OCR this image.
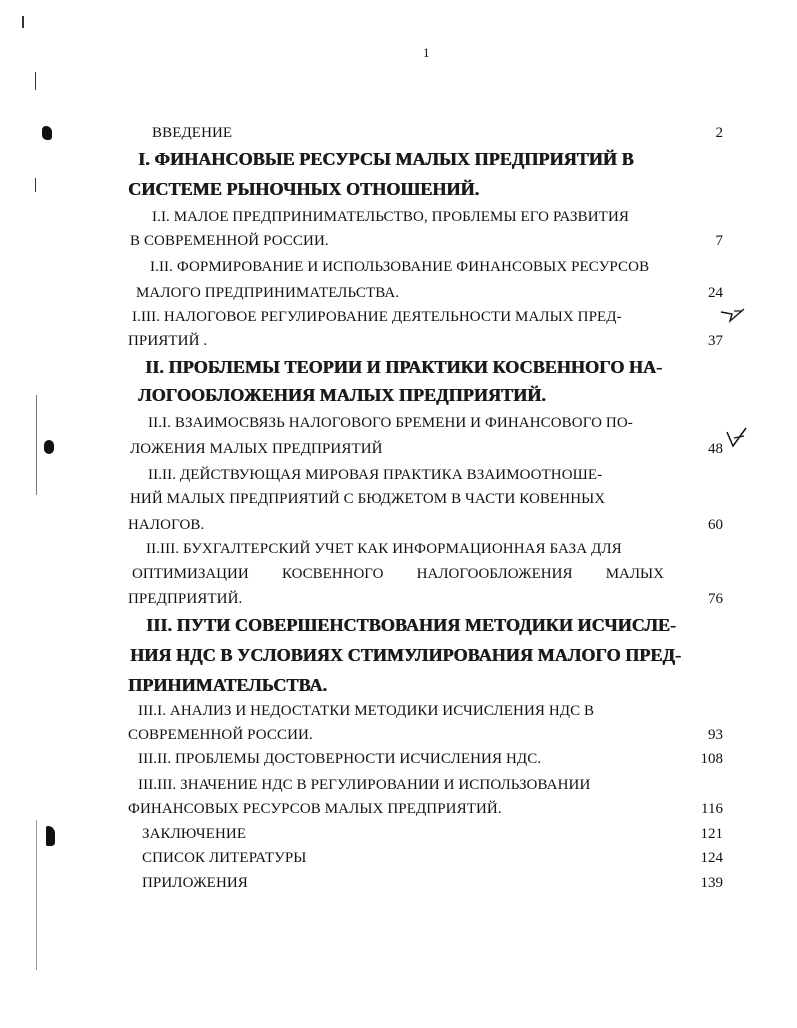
1
ВВЕДЕНИЕ	2
I. ФИНАНСОВЫЕ РЕСУРСЫ МАЛЫХ ПРЕДПРИЯТИЙ В
СИСТЕМЕ РЫНОЧНЫХ ОТНОШЕНИЙ.
I.I. МАЛОЕ ПРЕДПРИНИМАТЕЛЬСТВО, ПРОБЛЕМЫ ЕГО РАЗВИТИЯ
В СОВРЕМЕННОЙ РОССИИ.	7
I.II. ФОРМИРОВАНИЕ И ИСПОЛЬЗОВАНИЕ ФИНАНСОВЫХ РЕСУРСОВ
МАЛОГО ПРЕДПРИНИМАТЕЛЬСТВА.	24
I.III. НАЛОГОВОЕ РЕГУЛИРОВАНИЕ ДЕЯТЕЛЬНОСТИ МАЛЫХ ПРЕД-
ПРИЯТИЙ .	37
II. ПРОБЛЕМЫ ТЕОРИИ И ПРАКТИКИ КОСВЕННОГО НА-
ЛОГООБЛОЖЕНИЯ МАЛЫХ ПРЕДПРИЯТИЙ.
II.I. ВЗАИМОСВЯЗЬ НАЛОГОВОГО БРЕМЕНИ И ФИНАНСОВОГО ПО-
ЛОЖЕНИЯ МАЛЫХ ПРЕДПРИЯТИЙ	48
II.II. ДЕЙСТВУЮЩАЯ МИРОВАЯ ПРАКТИКА ВЗАИМООТНОШЕ-
НИЙ МАЛЫХ ПРЕДПРИЯТИЙ С БЮДЖЕТОМ В ЧАСТИ КОВЕННЫХ
НАЛОГОВ.	60
II.III. БУХГАЛТЕРСКИЙ УЧЕТ КАК ИНФОРМАЦИОННАЯ БАЗА ДЛЯ
ОПТИМИЗАЦИИ КОСВЕННОГО НАЛОГООБЛОЖЕНИЯ МАЛЫХ
ПРЕДПРИЯТИЙ.	76
III. ПУТИ СОВЕРШЕНСТВОВАНИЯ МЕТОДИКИ ИСЧИСЛЕ-
НИЯ НДС В УСЛОВИЯХ СТИМУЛИРОВАНИЯ МАЛОГО ПРЕД-
ПРИНИМАТЕЛЬСТВА.
III.I. АНАЛИЗ И НЕДОСТАТКИ МЕТОДИКИ ИСЧИСЛЕНИЯ НДС В
СОВРЕМЕННОЙ РОССИИ.	93
III.II. ПРОБЛЕМЫ ДОСТОВЕРНОСТИ ИСЧИСЛЕНИЯ НДС.	108
III.III. ЗНАЧЕНИЕ НДС В РЕГУЛИРОВАНИИ И ИСПОЛЬЗОВАНИИ
ФИНАНСОВЫХ РЕСУРСОВ МАЛЫХ ПРЕДПРИЯТИЙ.	116
ЗАКЛЮЧЕНИЕ	121
СПИСОК ЛИТЕРАТУРЫ	124
ПРИЛОЖЕНИЯ	139
